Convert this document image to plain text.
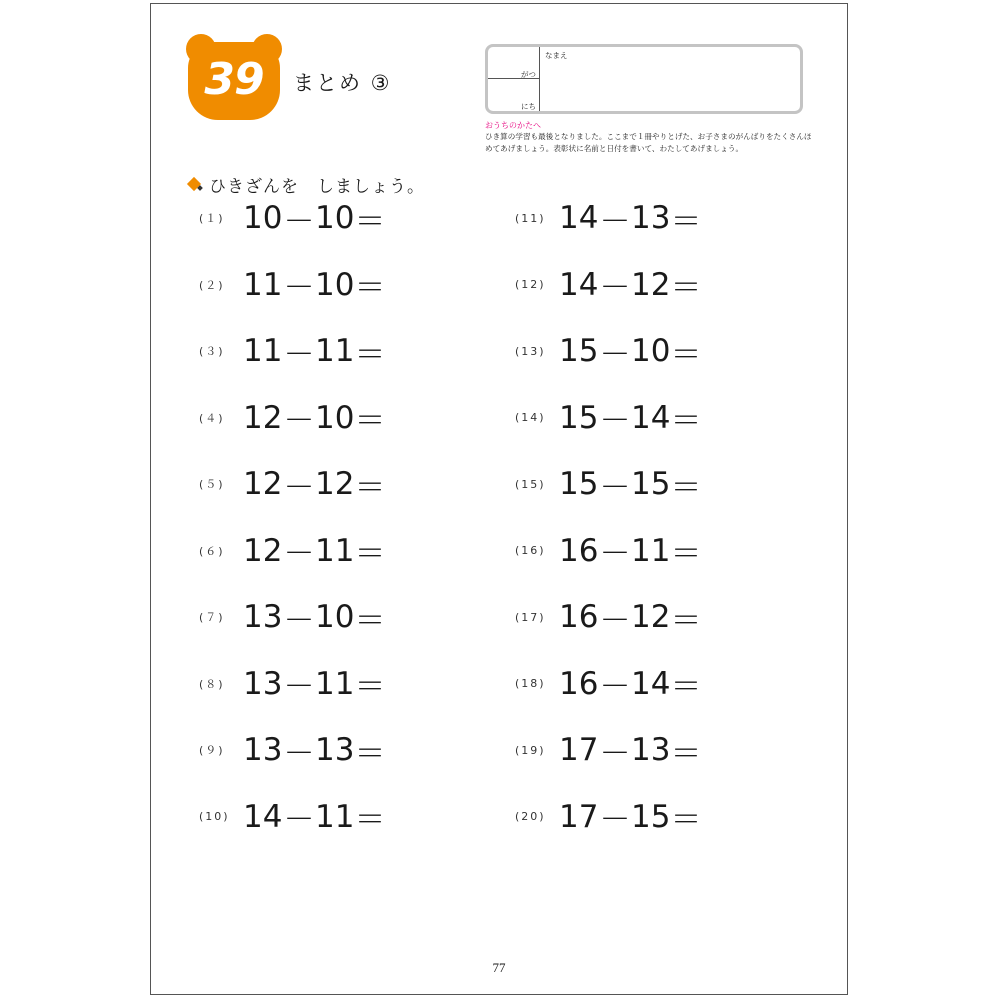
39	まとめ ③	がつ
にち
なまえ
おうちのかたへ
ひき算の学習も最後となりました。ここまで１冊やりとげた、お子さまのがんばりをたくさんほめてあげましょう。表彰状に名前と日付を書いて、わたしてあげましょう。
ひきざんを　しましょう。
(１) 10 － 10 ＝
(２) 11 － 10 ＝
(３) 11 － 11 ＝
(４) 12 － 10 ＝
(５) 12 － 12 ＝
(６) 12 － 11 ＝
(７) 13 － 10 ＝
(８) 13 － 11 ＝
(９) 13 － 13 ＝
(10) 14 － 11 ＝
(11) 14 － 13 ＝
(12) 14 － 12 ＝
(13) 15 － 10 ＝
(14) 15 － 14 ＝
(15) 15 － 15 ＝
(16) 16 － 11 ＝
(17) 16 － 12 ＝
(18) 16 － 14 ＝
(19) 17 － 13 ＝
(20) 17 － 15 ＝
77
